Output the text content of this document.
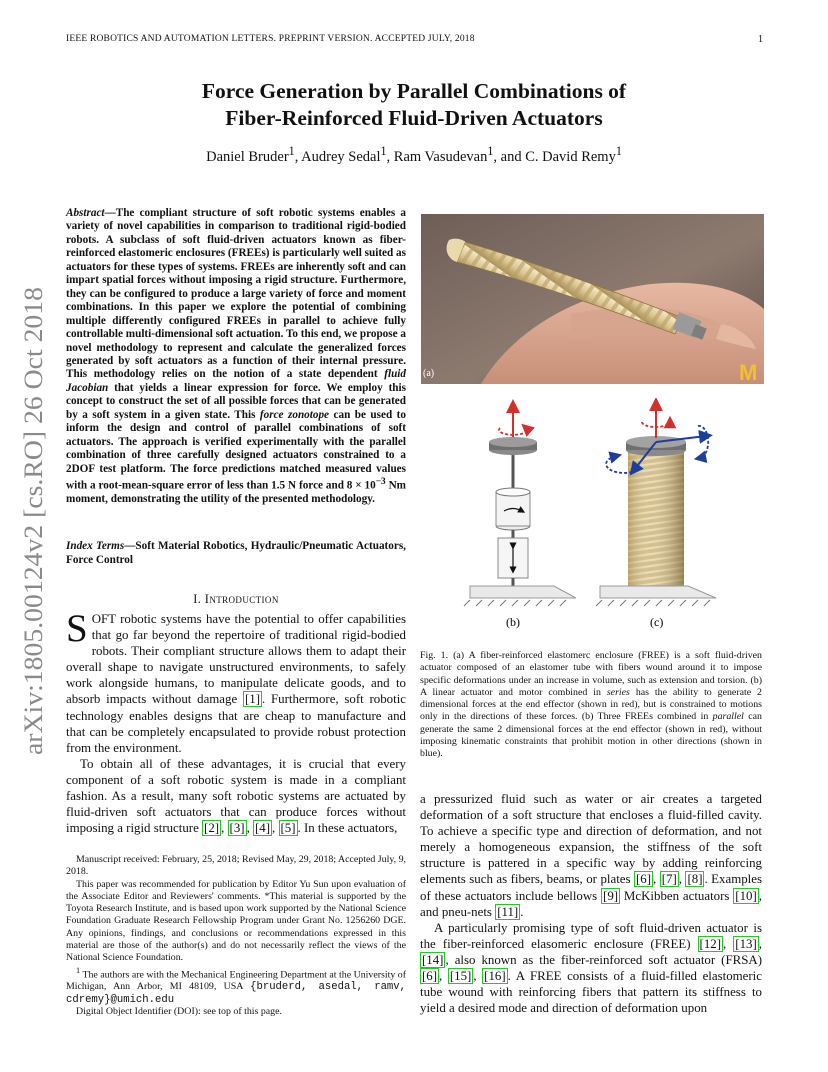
IEEE ROBOTICS AND AUTOMATION LETTERS. PREPRINT VERSION. ACCEPTED JULY, 2018	1
Force Generation by Parallel Combinations of
Fiber-Reinforced Fluid-Driven Actuators
Daniel Bruder$^1$, Audrey Sedal$^1$, Ram Vasudevan$^1$, and C. David Remy$^1$
arXiv:1805.00124v2 [cs.RO] 26 Oct 2018
Abstract—The compliant structure of soft robotic systems enables a variety of novel capabilities in comparison to traditional rigid-bodied robots. A subclass of soft fluid-driven actuators known as fiber-reinforced elastomeric enclosures (FREEs) is particularly well suited as actuators for these types of systems. FREEs are inherently soft and can impart spatial forces without imposing a rigid structure. Furthermore, they can be configured to produce a large variety of force and moment combinations. In this paper we explore the potential of combining multiple differently configured FREEs in parallel to achieve fully controllable multi-dimensional soft actuation. To this end, we propose a novel methodology to represent and calculate the generalized forces generated by soft actuators as a function of their internal pressure. This methodology relies on the notion of a state dependent fluid Jacobian that yields a linear expression for force. We employ this concept to construct the set of all possible forces that can be generated by a soft system in a given state. This force zonotope can be used to inform the design and control of parallel combinations of soft actuators. The approach is verified experimentally with the parallel combination of three carefully designed actuators constrained to a 2DOF test platform. The force predictions matched measured values with a root-mean-square error of less than 1.5 N force and $8 \times 10^{-3}$ Nm moment, demonstrating the utility of the presented methodology.
Index Terms—Soft Material Robotics, Hydraulic/Pneumatic Actuators, Force Control
I. Introduction

SOFT robotic systems have the potential to offer capabilities that go far beyond the repertoire of traditional rigid-bodied robots. Their compliant structure allows them to adapt their overall shape to navigate unstructured environments, to safely work alongside humans, to manipulate delicate goods, and to absorb impacts without damage [1] . Furthermore, soft robotic technology enables designs that are cheap to manufacture and that can be completely encapsulated to provide robust protection from the environment.

To obtain all of these advantages, it is crucial that every component of a soft robotic system is made in a compliant fashion. As a result, many soft robotic systems are actuated by fluid-driven soft actuators that can produce forces without imposing a rigid structure [2] , [3] , [4] , [5] . In these actuators,

Manuscript received: February, 25, 2018; Revised May, 29, 2018; Accepted July, 9, 2018.

This paper was recommended for publication by Editor Yu Sun upon evaluation of the Associate Editor and Reviewers' comments. *This material is supported by the Toyota Research Institute, and is based upon work supported by the National Science Foundation Graduate Research Fellowship Program under Grant No. 1256260 DGE. Any opinions, findings, and conclusions or recommendations expressed in this material are those of the author(s) and do not necessarily reflect the views of the National Science Foundation.

$^1$ The authors are with the Mechanical Engineering Department at the University of Michigan, Ann Arbor, MI 48109, USA {bruderd, asedal, ramv, cdremy}@umich.edu

Digital Object Identifier (DOI): see top of this page.

(a)	M
(b)	(c)
Fig. 1. (a) A fiber-reinforced elastomerc enclosure (FREE) is a soft fluid-driven actuator composed of an elastomer tube with fibers wound around it to impose specific deformations under an increase in volume, such as extension and torsion. (b) A linear actuator and motor combined in series has the ability to generate 2 dimensional forces at the end effector (shown in red), but is constrained to motions only in the directions of these forces. (b) Three FREEs combined in parallel can generate the same 2 dimensional forces at the end effector (shown in red), without imposing kinematic constraints that prohibit motion in other directions (shown in blue).

a pressurized fluid such as water or air creates a targeted deformation of a soft structure that encloses a fluid-filled cavity. To achieve a specific type and direction of deformation, and not merely a homogeneous expansion, the stiffness of the soft structure is pattered in a specific way by adding reinforcing elements such as fibers, beams, or plates [6] , [7] , [8] . Examples of these actuators include bellows [9] McKibben actuators [10] , and pneu-nets [11] .

A particularly promising type of soft fluid-driven actuator is the fiber-reinforced elasomeric enclosure (FREE) [12] , [13] , [14] , also known as the fiber-reinforced soft actuator (FRSA) [6] , [15] , [16] . A FREE consists of a fluid-filled elastomeric tube wound with reinforcing fibers that pattern its stiffness to yield a desired mode and direction of deformation upon
